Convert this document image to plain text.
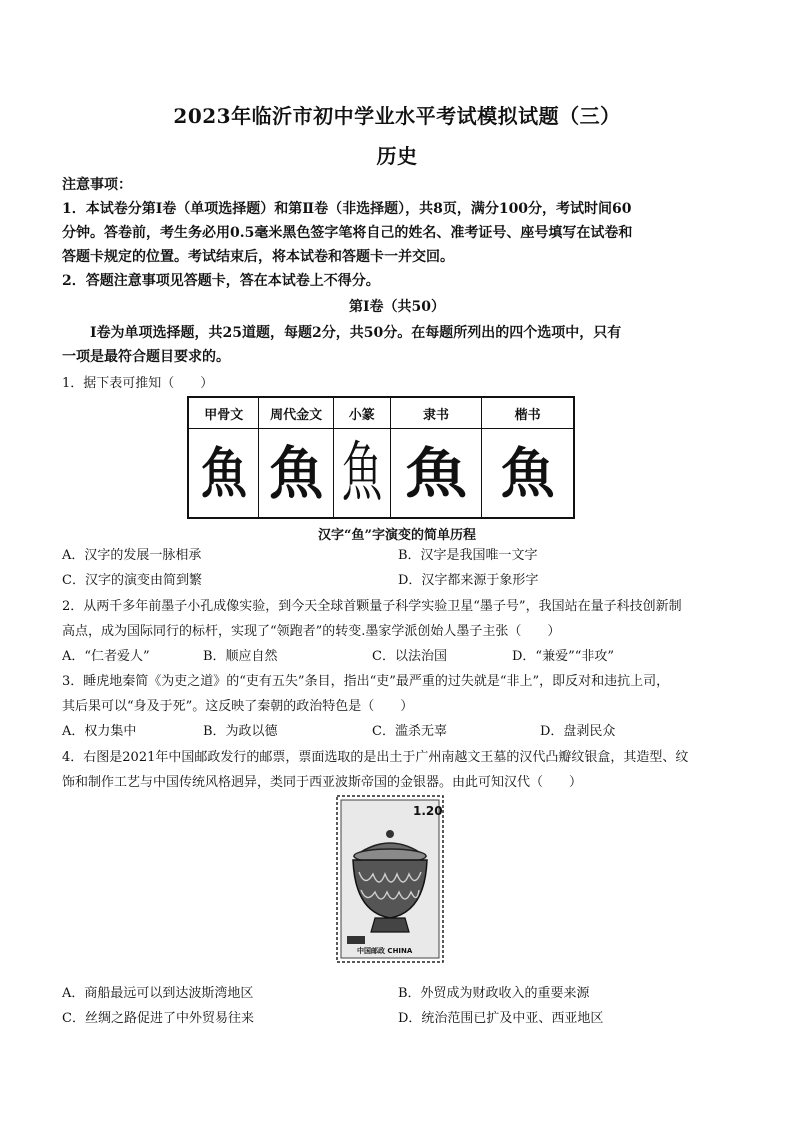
2023年临沂市初中学业水平考试模拟试题（三）
历史
注意事项：
1．本试卷分第Ⅰ卷（单项选择题）和第Ⅱ卷（非选择题），共8页，满分100分，考试时间60
分钟。答卷前，考生务必用0.5毫米黑色签字笔将自己的姓名、准考证号、座号填写在试卷和
答题卡规定的位置。考试结束后，将本试卷和答题卡一并交回。
2．答题注意事项见答题卡，答在本试卷上不得分。
第Ⅰ卷（共50）
Ⅰ卷为单项选择题，共25道题，每题2分，共50分。在每题所列出的四个选项中，只有
一项是最符合题目要求的。
1．据下表可推知（　　）
甲骨文	周代金文	小篆	隶书	楷书
魚	魚	魚	魚	魚
汉字“鱼”字演变的简单历程
A．汉字的发展一脉相承	B．汉字是我国唯一文字
C．汉字的演变由简到繁	D．汉字都来源于象形字
2．从两千多年前墨子小孔成像实验，到今天全球首颗量子科学实验卫星“墨子号”，我国站在量子科技创新制
高点，成为国际同行的标杆，实现了“领跑者”的转变.墨家学派创始人墨子主张（　　）
A．“仁者爱人”	B．顺应自然	C．以法治国	D．“兼爱”“非攻”
3．睡虎地秦简《为吏之道》的“吏有五失”条目，指出“吏”最严重的过失就是“非上”，即反对和违抗上司，
其后果可以“身及于死”。这反映了秦朝的政治特色是（　　）
A．权力集中	B．为政以德	C．滥杀无辜	D．盘剥民众
4．右图是2021年中国邮政发行的邮票，票面选取的是出土于广州南越文王墓的汉代凸瓣纹银盒，其造型、纹
饰和制作工艺与中国传统风格迥异，类同于西亚波斯帝国的金银器。由此可知汉代（　　）
1.20
中国邮政 CHINA
A．商船最远可以到达波斯湾地区	B．外贸成为财政收入的重要来源
C．丝绸之路促进了中外贸易往来	D．统治范围已扩及中亚、西亚地区
